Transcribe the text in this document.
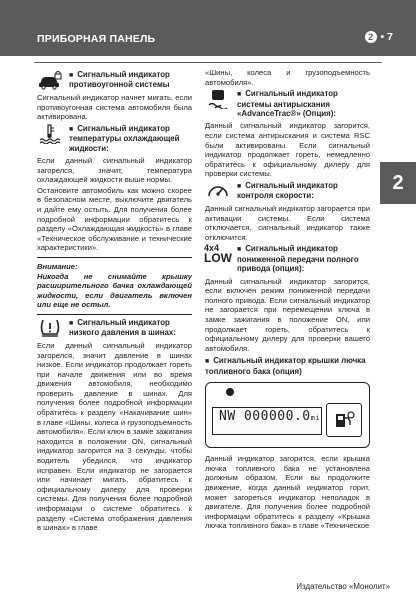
ПРИБОРНАЯ ПАНЕЛЬ	2 • 7
2
■ Сигнальный индикатор противоугонной системы

Сигнальный индикатор начнет мигать, если противоугонная система автомобиля была активирована.

■ Сигнальный индикатор температуры охлаждающей жидкости:

Если данный сигнальный индикатор загорелся, значит, температура охлаждающей жидкости выше нормы.

Остановите автомобиль как можно скорее в безопасном месте, выключите двигатель и дайте ему остыть. Для получения более подробной информации обратитесь к разделу «Охлаждающая жидкость» в главе «Техническое обслуживание и технические характеристики».

Внимание:
Никогда не снимайте крышку расширительного бачка охлаждающей жидкости, если двигатель включен или еще не остыл.
■ Сигнальный индикатор низкого давления в шинах:

Если данный сигнальный индикатор загорелся, значит давление в шинах низкое. Если индикатор продолжает гореть при начале движения или во время движения автомобиля, необходимо проверить давление в шинах. Для получения более подробной информации обратитесь к разделу «Накачивание шин» в главе «Шины, колеса и грузоподъемность автомобиля». Если ключ в замке зажигания находится в положении ON, сигнальный индикатор загорится на 3 секунды, чтобы водитель убедился, что индикатор исправен. Если индикатор не загорается или начинает мигать, обратитесь к официальному дилеру для проверки системы. Для получения более подробной информации о системе обратитесь к разделу «Система отображения давления в шинах» в главе

«Шины, колеса и грузоподъемность автомобиля».

■ Сигнальный индикатор системы антирыскания «AdvanceTrac®» (Опция):

Данный сигнальный индикатор загорится, если система антирыскания и система RSC были активированы. Если сигнальный индикатор продолжает гореть, немедленно обратитесь к официальному дилеру для проверки системы.

■ Сигнальный индикатор контроля скорости:

Данный сигнальный индикатор загорается при активации системы. Если система отключается, сигнальный индикатор также отключится.

4x4
LOW
■ Сигнальный индикатор пониженной передачи полного привода (опция):

Данный сигнальный индикатор загорится, если включен режим пониженной передачи полного привода. Если сигнальный индикатор не загорается при перемещении ключа в замке зажигания в положение ON, или продолжает гореть, обратитесь к официальному дилеру для проверки вашего автомобиля.

■ Сигнальный индикатор крышки лючка топливного бака (опция)
NW 000000.0mi

Данный индикатор загорится, если крышка лючка топливного бака не установлена должным образом. Если вы продолжите движение, когда данный индикатор горит, может загореться индикатор неполадок в двигателе. Для получения более подробной информации обратитесь к разделу «Крышка лючка топливного бака» в главе «Техническое

Издательство «Монолит»
